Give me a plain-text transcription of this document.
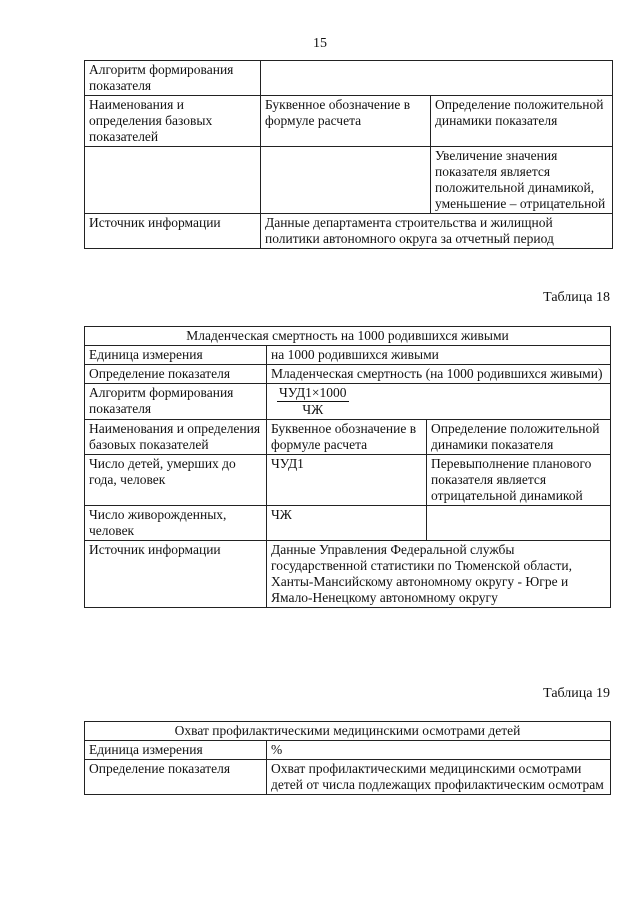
15
Алгоритм формирования показателя		
Наименования и определения базовых показателей	Буквенное обозначение в формуле расчета	Определение положительной динамики показателя
		Увеличение значения показателя является положительной динамикой, уменьшение – отрицательной
Источник информации	Данные департамента строительства и жилищной политики автономного округа за отчетный период	
Таблица 18
Младенческая смертность на 1000 родившихся живыми		
Единица измерения	на 1000 родившихся живыми	
Определение показателя	Младенческая смертность (на 1000 родившихся живыми)	
Алгоритм формирования показателя	$\frac{\text{ЧУД1×1000}}{ЧЖ}$

Наименования и определения базовых показателей	Буквенное обозначение в формуле расчета	Определение положительной динамики показателя
Число детей, умерших до года, человек	ЧУД1	Перевыполнение планового показателя является отрицательной динамикой
Число живорожденных, человек	ЧЖ	
Источник информации	Данные Управления Федеральной службы государственной статистики по Тюменской области, Ханты-Мансийскому автономному округу - Югре и Ямало-Ненецкому автономному округу	
Таблица 19
Охват профилактическими медицинскими осмотрами детей	
Единица измерения	%
Определение показателя	Охват профилактическими медицинскими осмотрами детей от числа подлежащих профилактическим осмотрам
